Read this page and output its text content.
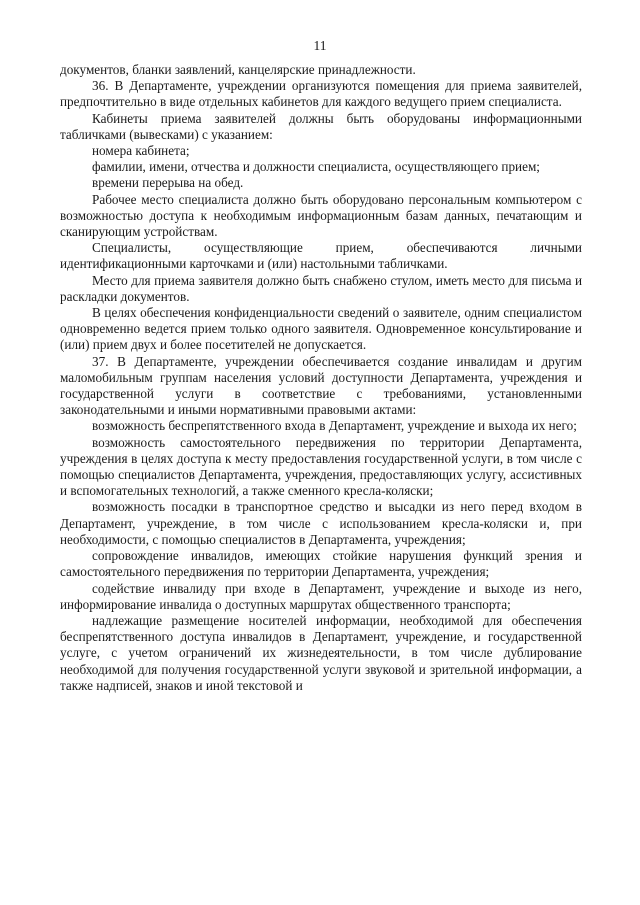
11

документов, бланки заявлений, канцелярские принадлежности.

36. В Департаменте, учреждении организуются помещения для приема заявителей, предпочтительно в виде отдельных кабинетов для каждого ведущего прием специалиста.

Кабинеты приема заявителей должны быть оборудованы информационными табличками (вывесками) с указанием:

номера кабинета;

фамилии, имени, отчества и должности специалиста, осуществляющего прием;

времени перерыва на обед.

Рабочее место специалиста должно быть оборудовано персональным компьютером с возможностью доступа к необходимым информационным базам данных, печатающим и сканирующим устройствам.

Специалисты, осуществляющие прием, обеспечиваются личными идентификационными карточками и (или) настольными табличками.

Место для приема заявителя должно быть снабжено стулом, иметь место для письма и раскладки документов.

В целях обеспечения конфиденциальности сведений о заявителе, одним специалистом одновременно ведется прием только одного заявителя. Одновременное консультирование и (или) прием двух и более посетителей не допускается.

37. В Департаменте, учреждении обеспечивается создание инвалидам и другим маломобильным группам населения условий доступности Департамента, учреждения и государственной услуги в соответствие с требованиями, установленными законодательными и иными нормативными правовыми актами:

возможность беспрепятственного входа в Департамент, учреждение и выхода их него;

возможность самостоятельного передвижения по территории Департамента, учреждения в целях доступа к месту предоставления государственной услуги, в том числе с помощью специалистов Департамента, учреждения, предоставляющих услугу, ассистивных и вспомогательных технологий, а также сменного кресла-коляски;

возможность посадки в транспортное средство и высадки из него перед входом в Департамент, учреждение, в том числе с использованием кресла-коляски и, при необходимости, с помощью специалистов в Департамента, учреждения;

сопровождение инвалидов, имеющих стойкие нарушения функций зрения и самостоятельного передвижения по территории Департамента, учреждения;

содействие инвалиду при входе в Департамент, учреждение и выходе из него, информирование инвалида о доступных маршрутах общественного транспорта;

надлежащие размещение носителей информации, необходимой для обеспечения беспрепятственного доступа инвалидов в Департамент, учреждение, и государственной услуге, с учетом ограничений их жизнедеятельности, в том числе дублирование необходимой для получения государственной услуги звуковой и зрительной информации, а также надписей, знаков и иной текстовой и
